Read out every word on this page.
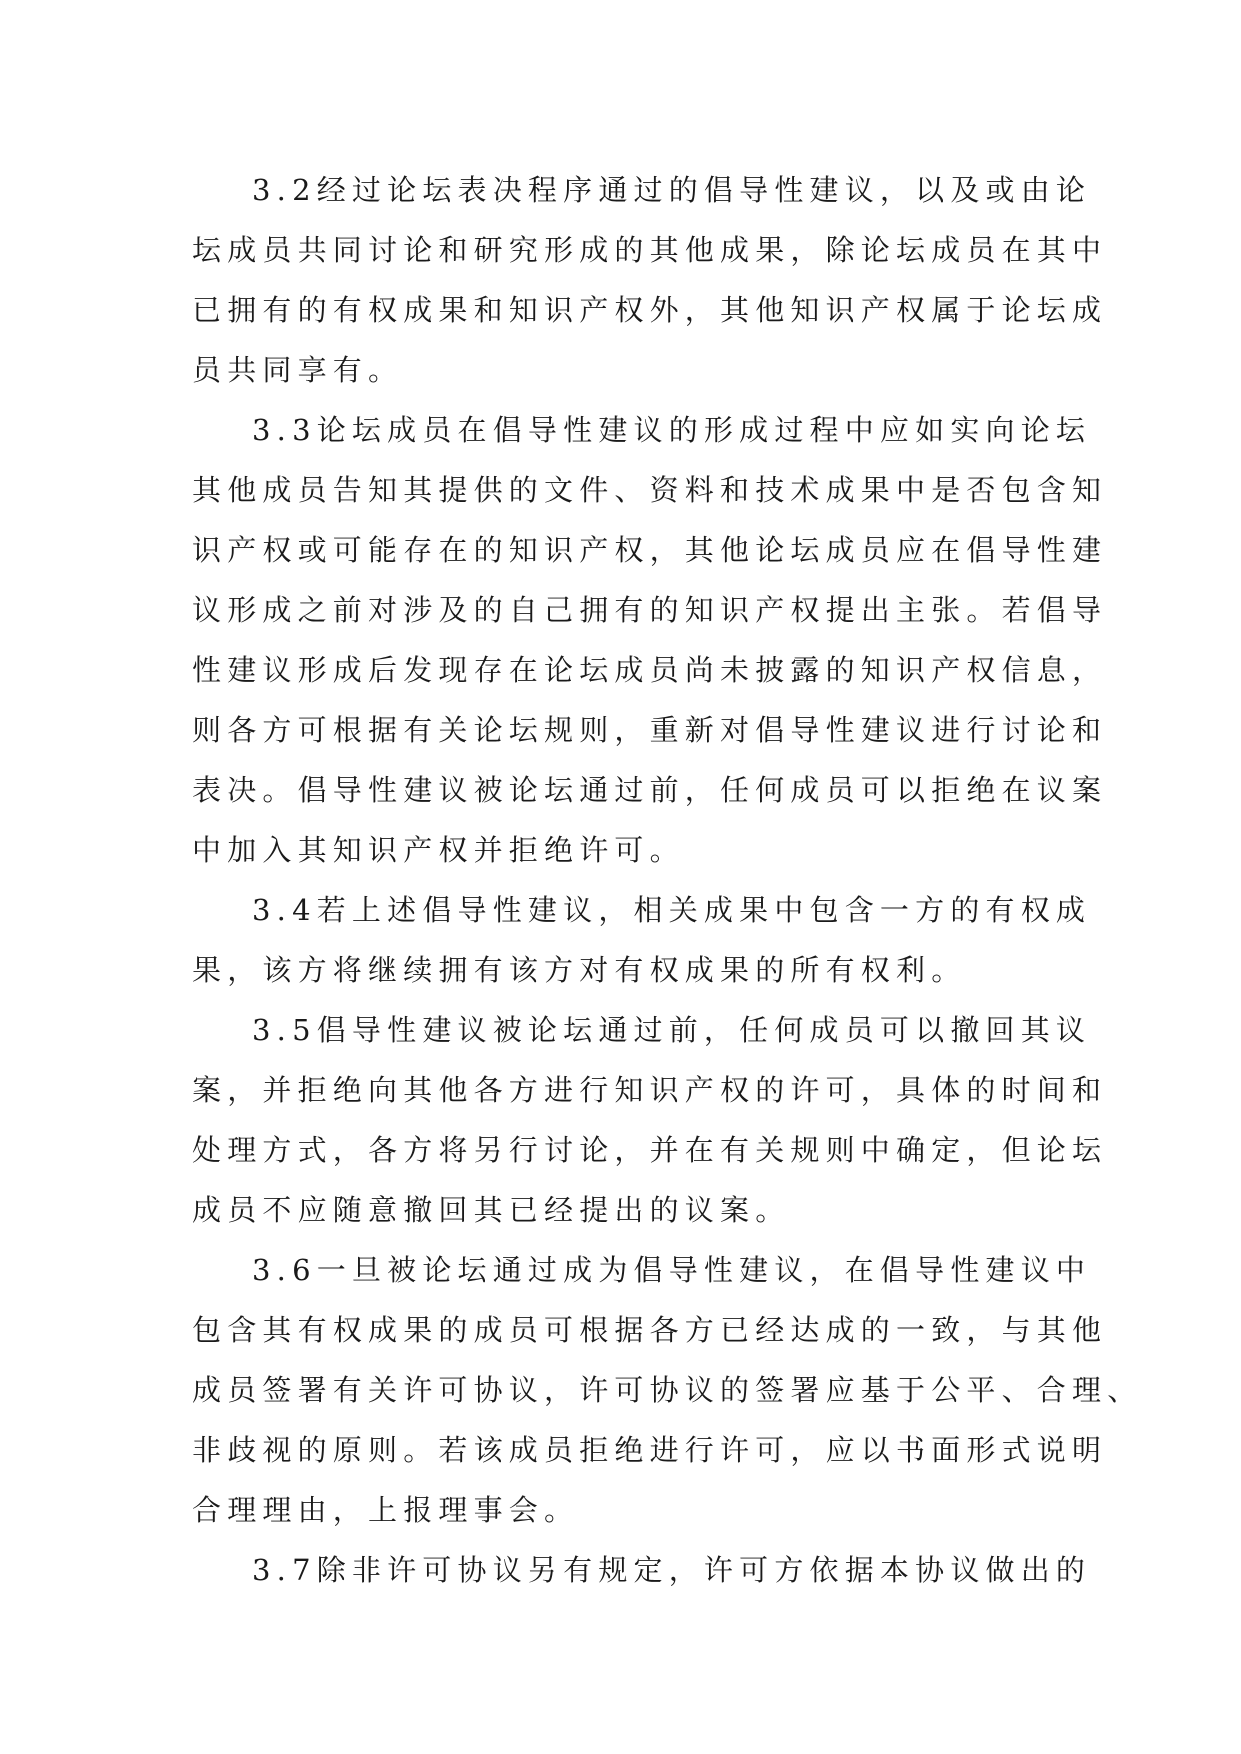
3.2经过论坛表决程序通过的倡导性建议，以及或由论
坛成员共同讨论和研究形成的其他成果，除论坛成员在其中
已拥有的有权成果和知识产权外，其他知识产权属于论坛成
员共同享有。
3.3论坛成员在倡导性建议的形成过程中应如实向论坛
其他成员告知其提供的文件、资料和技术成果中是否包含知
识产权或可能存在的知识产权，其他论坛成员应在倡导性建
议形成之前对涉及的自己拥有的知识产权提出主张。若倡导
性建议形成后发现存在论坛成员尚未披露的知识产权信息，
则各方可根据有关论坛规则，重新对倡导性建议进行讨论和
表决。倡导性建议被论坛通过前，任何成员可以拒绝在议案
中加入其知识产权并拒绝许可。
3.4若上述倡导性建议，相关成果中包含一方的有权成
果，该方将继续拥有该方对有权成果的所有权利。
3.5倡导性建议被论坛通过前，任何成员可以撤回其议
案，并拒绝向其他各方进行知识产权的许可，具体的时间和
处理方式，各方将另行讨论，并在有关规则中确定，但论坛
成员不应随意撤回其已经提出的议案。
3.6一旦被论坛通过成为倡导性建议，在倡导性建议中
包含其有权成果的成员可根据各方已经达成的一致，与其他
成员签署有关许可协议，许可协议的签署应基于公平、合理、
非歧视的原则。若该成员拒绝进行许可，应以书面形式说明
合理理由，上报理事会。
3.7除非许可协议另有规定，许可方依据本协议做出的
